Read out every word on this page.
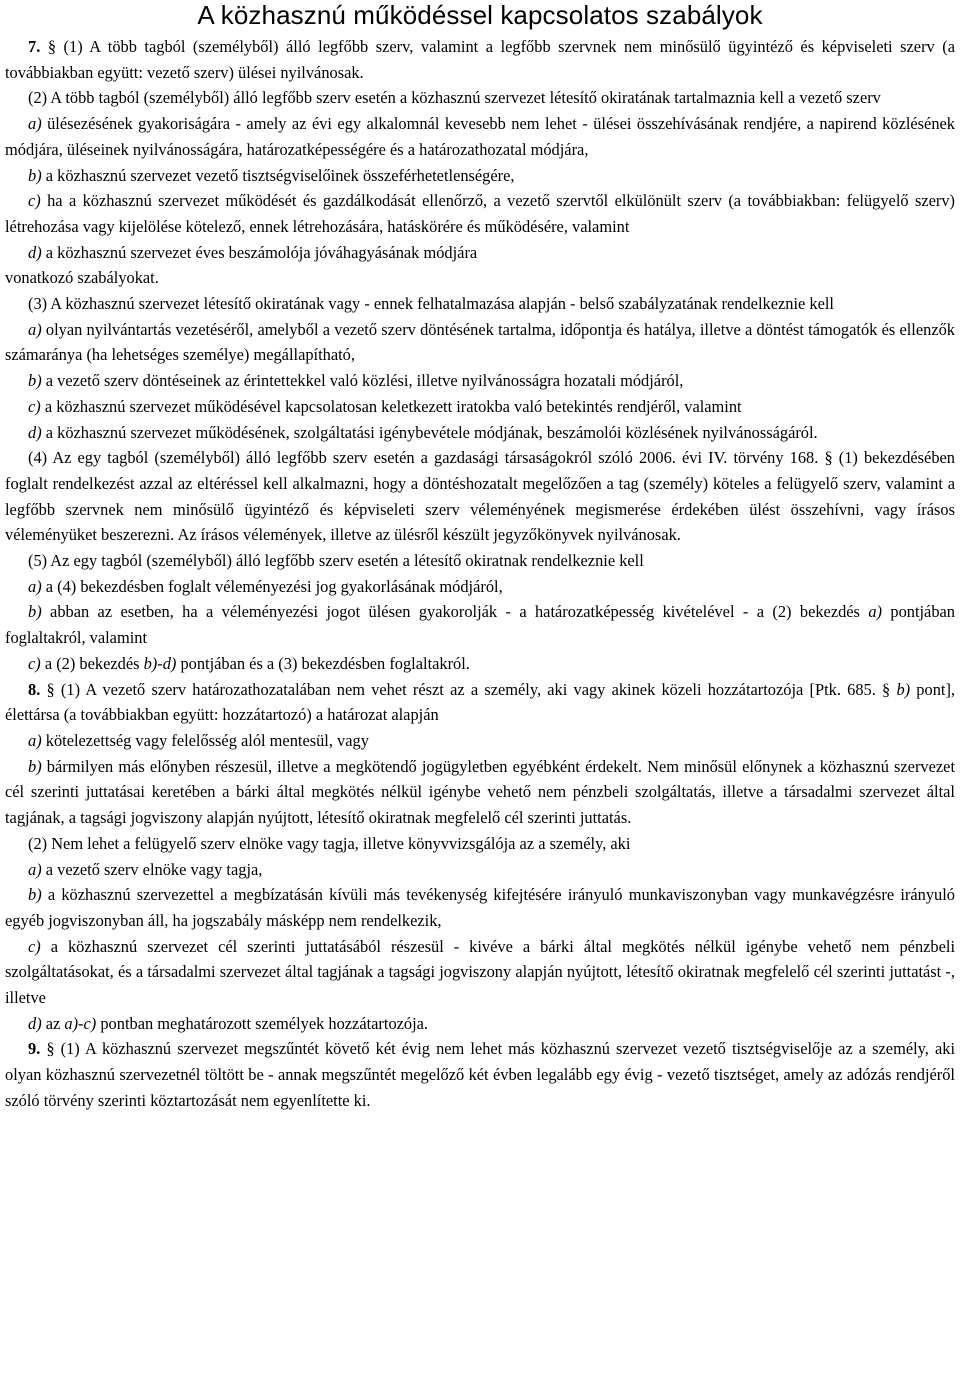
A közhasznú működéssel kapcsolatos szabályok

7. § (1) A több tagból (személyből) álló legfőbb szerv, valamint a legfőbb szervnek nem minősülő ügyintéző és képviseleti szerv (a továbbiakban együtt: vezető szerv) ülései nyilvánosak.

(2) A több tagból (személyből) álló legfőbb szerv esetén a közhasznú szervezet létesítő okiratának tartalmaznia kell a vezető szerv

a) ülésezésének gyakoriságára - amely az évi egy alkalomnál kevesebb nem lehet - ülései összehívásának rendjére, a napirend közlésének módjára, üléseinek nyilvánosságára, határozatképességére és a határozathozatal módjára,

b) a közhasznú szervezet vezető tisztségviselőinek összeférhetetlenségére,

c) ha a közhasznú szervezet működését és gazdálkodását ellenőrző, a vezető szervtől elkülönült szerv (a továbbiakban: felügyelő szerv) létrehozása vagy kijelölése kötelező, ennek létrehozására, hatáskörére és működésére, valamint

d) a közhasznú szervezet éves beszámolója jóváhagyásának módjára

vonatkozó szabályokat.

(3) A közhasznú szervezet létesítő okiratának vagy - ennek felhatalmazása alapján - belső szabályzatának rendelkeznie kell

a) olyan nyilvántartás vezetéséről, amelyből a vezető szerv döntésének tartalma, időpontja és hatálya, illetve a döntést támogatók és ellenzők számaránya (ha lehetséges személye) megállapítható,

b) a vezető szerv döntéseinek az érintettekkel való közlési, illetve nyilvánosságra hozatali módjáról,

c) a közhasznú szervezet működésével kapcsolatosan keletkezett iratokba való betekintés rendjéről, valamint

d) a közhasznú szervezet működésének, szolgáltatási igénybevétele módjának, beszámolói közlésének nyilvánosságáról.

(4) Az egy tagból (személyből) álló legfőbb szerv esetén a gazdasági társaságokról szóló 2006. évi IV. törvény 168. § (1) bekezdésében foglalt rendelkezést azzal az eltéréssel kell alkalmazni, hogy a döntéshozatalt megelőzően a tag (személy) köteles a felügyelő szerv, valamint a legfőbb szervnek nem minősülő ügyintéző és képviseleti szerv véleményének megismerése érdekében ülést összehívni, vagy írásos véleményüket beszerezni. Az írásos vélemények, illetve az ülésről készült jegyzőkönyvek nyilvánosak.

(5) Az egy tagból (személyből) álló legfőbb szerv esetén a létesítő okiratnak rendelkeznie kell

a) a (4) bekezdésben foglalt véleményezési jog gyakorlásának módjáról,

b) abban az esetben, ha a véleményezési jogot ülésen gyakorolják - a határozatképesség kivételével - a (2) bekezdés a) pontjában foglaltakról, valamint

c) a (2) bekezdés b)-d) pontjában és a (3) bekezdésben foglaltakról.

8. § (1) A vezető szerv határozathozatalában nem vehet részt az a személy, aki vagy akinek közeli hozzátartozója [Ptk. 685. § b) pont], élettársa (a továbbiakban együtt: hozzátartozó) a határozat alapján

a) kötelezettség vagy felelősség alól mentesül, vagy

b) bármilyen más előnyben részesül, illetve a megkötendő jogügyletben egyébként érdekelt. Nem minősül előnynek a közhasznú szervezet cél szerinti juttatásai keretében a bárki által megkötés nélkül igénybe vehető nem pénzbeli szolgáltatás, illetve a társadalmi szervezet által tagjának, a tagsági jogviszony alapján nyújtott, létesítő okiratnak megfelelő cél szerinti juttatás.

(2) Nem lehet a felügyelő szerv elnöke vagy tagja, illetve könyvvizsgálója az a személy, aki

a) a vezető szerv elnöke vagy tagja,

b) a közhasznú szervezettel a megbízatásán kívüli más tevékenység kifejtésére irányuló munkaviszonyban vagy munkavégzésre irányuló egyéb jogviszonyban áll, ha jogszabály másképp nem rendelkezik,

c) a közhasznú szervezet cél szerinti juttatásából részesül - kivéve a bárki által megkötés nélkül igénybe vehető nem pénzbeli szolgáltatásokat, és a társadalmi szervezet által tagjának a tagsági jogviszony alapján nyújtott, létesítő okiratnak megfelelő cél szerinti juttatást -, illetve

d) az a)-c) pontban meghatározott személyek hozzátartozója.

9. § (1) A közhasznú szervezet megszűntét követő két évig nem lehet más közhasznú szervezet vezető tisztségviselője az a személy, aki olyan közhasznú szervezetnél töltött be - annak megszűntét megelőző két évben legalább egy évig - vezető tisztséget, amely az adózás rendjéről szóló törvény szerinti köztartozását nem egyenlítette ki.
